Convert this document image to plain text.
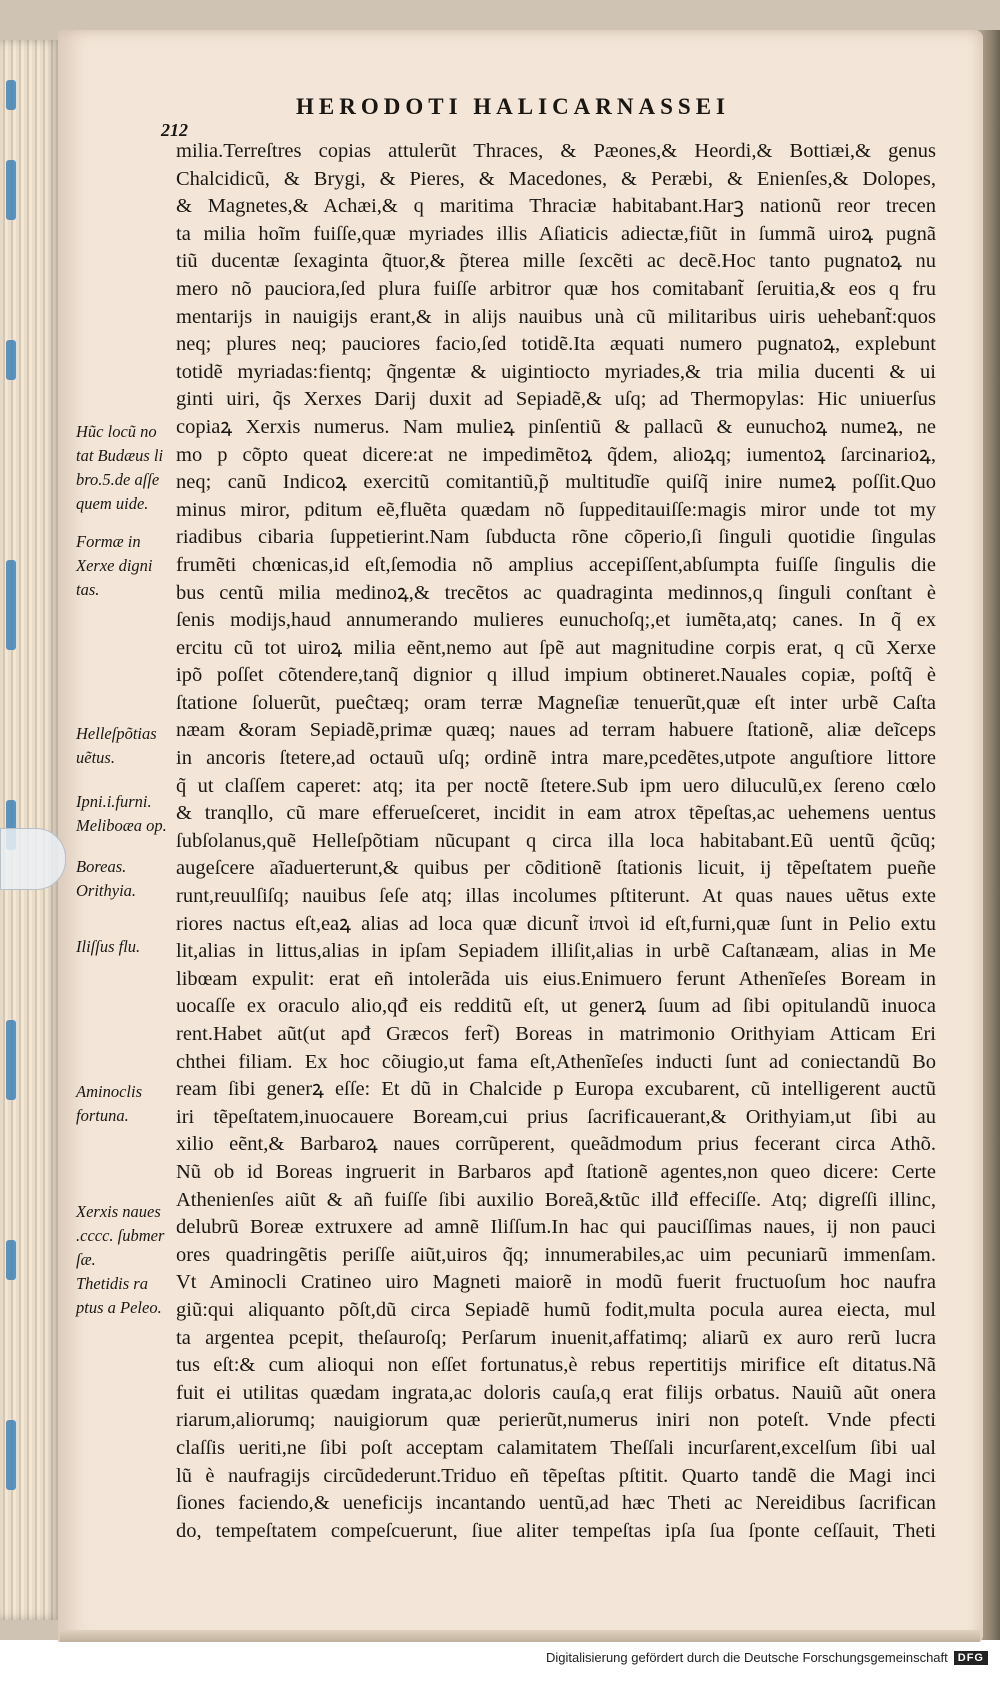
212
HERODOTI HALICARNASSEI
milia.Terreſtres copias attulerũt Thraces, & Pæones,& Heordi,& Bottiæi,& genus
Chalcidicũ, & Brygi, & Pieres, & Macedones, & Peræbi, & Enienſes,& Dolopes,
& Magnetes,& Achæi,& q maritima Thraciæ habitabant.Harꝫ nationũ reor trecen
ta milia hoĩm fuiſſe,quæ myriades illis Aſiaticis adiectæ,fiũt in ſummã uiroꝝ pugnã
tiũ ducentæ ſexaginta q̃tuor,& p̃terea mille ſexcẽti ac decẽ.Hoc tanto pugnatoꝝ nu
mero nõ pauciora,ſed plura fuiſſe arbitror quæ hos comitabant̃ ſeruitia,& eos q fru
mentarijs in nauigijs erant,& in alijs nauibus unà cũ militaribus uiris uehebant̃:quos
neq; plures neq; pauciores facio,ſed totidẽ.Ita æquati numero pugnatoꝝ, explebunt
totidẽ myriadas:fientq; q̃ngentæ & uigintiocto myriades,& tria milia ducenti & ui
ginti uiri, q̃s Xerxes Darij duxit ad Sepiadẽ,& uſq; ad Thermopylas: Hic uniuerſus
copiaꝝ Xerxis numerus. Nam mulieꝝ pinſentiũ & pallacũ & eunuchoꝝ numeꝝ, ne
mo p cõpto queat dicere:at ne impedimẽtoꝝ q̃dem, alioꝝq; iumentoꝝ ſarcinarioꝝ,
neq; canũ Indicoꝝ exercitũ comitantiũ,p̃ multitudĩe quiſq̃ inire numeꝝ poſſit.Quo
minus miror, pditum eẽ,fluẽta quædam nõ ſuppeditauiſſe:magis miror unde tot my
riadibus cibaria ſuppetierint.Nam ſubducta rõne cõperio,ſi ſinguli quotidie ſingulas
frumẽti chœnicas,id eſt,ſemodia nõ amplius accepiſſent,abſumpta fuiſſe ſingulis die
bus centũ milia medinoꝝ,& trecẽtos ac quadraginta medinnos,q ſinguli conſtant è
ſenis modijs,haud annumerando mulieres eunuchoſq;,et iumẽta,atq; canes. In q̃ ex
ercitu cũ tot uiroꝝ milia eẽnt,nemo aut ſpẽ aut magnitudine corpis erat, q cũ Xerxe
ipõ poſſet cõtendere,tanq̃ dignior q illud impium obtineret.Nauales copiæ, poſtq̃ è
ſtatione ſoluerũt, pueĉtæq; oram terræ Magneſiæ tenuerũt,quæ eſt inter urbẽ Caſta
næam &oram Sepiadẽ,primæ quæq; naues ad terram habuere ſtationẽ, aliæ deĩceps
in ancoris ſtetere,ad octauũ uſq; ordinẽ intra mare,pcedẽtes,utpote anguſtiore littore
q̃ ut claſſem caperet: atq; ita per noctẽ ſtetere.Sub ipm uero diluculũ,ex ſereno cœlo
& tranqllo, cũ mare efferueſceret, incidit in eam atrox tẽpeſtas,ac uehemens uentus
ſubſolanus,quẽ Helleſpõtiam nũcupant q circa illa loca habitabant.Eũ uentũ q̃cũq;
augeſcere aĩaduerterunt,& quibus per cõditionẽ ſtationis licuit, ij tẽpeſtatem pueñe
runt,reuulſiſq; nauibus ſeſe atq; illas incolumes pſtiterunt. At quas naues uẽtus exte
riores nactus eſt,eaꝝ alias ad loca quæ dicunt̃ ἰπνοὶ id eſt,furni,quæ ſunt in Pelio extu
lit,alias in littus,alias in ipſam Sepiadem illiſit,alias in urbẽ Caſtanæam, alias in Me
libœam expulit: erat eñ intolerãda uis eius.Enimuero ferunt Athenĩeſes Boream in
uocaſſe ex oraculo alio,qđ eis redditũ eſt, ut generꝝ ſuum ad ſibi opitulandũ inuoca
rent.Habet aũt(ut apđ Græcos fert̃) Boreas in matrimonio Orithyiam Atticam Eri
chthei filiam. Ex hoc cõiugio,ut fama eſt,Athenĩeſes inducti ſunt ad coniectandũ Bo
ream ſibi generꝝ eſſe: Et dũ in Chalcide p Europa excubarent, cũ intelligerent auctũ
iri tẽpeſtatem,inuocauere Boream,cui prius ſacrificauerant,& Orithyiam,ut ſibi au
xilio eẽnt,& Barbaroꝝ naues corrũperent, queãdmodum prius fecerant circa Athõ.
Nũ ob id Boreas ingruerit in Barbaros apđ ſtationẽ agentes,non queo dicere: Certe
Athenienſes aiũt & añ fuiſſe ſibi auxilio Boreã,&tũc illđ effeciſſe. Atq; digreſſi illinc,
delubrũ Boreæ extruxere ad amnẽ Iliſſum.In hac qui pauciſſimas naues, ij non pauci
ores quadringẽtis periſſe aiũt,uiros q̃q; innumerabiles,ac uim pecuniarũ immenſam.
Vt Aminocli Cratineo uiro Magneti maiorẽ in modũ fuerit fructuoſum hoc naufra
giũ:qui aliquanto põſt,dũ circa Sepiadẽ humũ fodit,multa pocula aurea eiecta, mul
ta argentea pcepit, theſauroſq; Perſarum inuenit,affatimq; aliarũ ex auro rerũ lucra
tus eſt:& cum alioqui non eſſet fortunatus,è rebus repertitijs mirifice eſt ditatus.Nã
fuit ei utilitas quædam ingrata,ac doloris cauſa,q erat filijs orbatus. Nauiũ aũt onera
riarum,aliorumq; nauigiorum quæ perierũt,numerus iniri non poteſt. Vnde pfecti
claſſis ueriti,ne ſibi poſt acceptam calamitatem Theſſali incurſarent,excelſum ſibi ual
lũ è naufragijs circũdederunt.Triduo eñ tẽpeſtas pſtitit. Quarto tandẽ die Magi inci
ſiones faciendo,& ueneficijs incantando uentũ,ad hæc Theti ac Nereidibus ſacrifican
do, tempeſtatem compeſcuerunt, ſiue aliter tempeſtas ipſa ſua ſponte ceſſauit, Theti
Hũc locũ no
tat Budæus li
bro.5.de aſſe
quem uide.
Formæ in
Xerxe digni
tas.
Helleſpõtias
uẽtus.
Ipni.i.furni.
Meliboæa op.
Boreas.
Orithyia.
Iliſſus flu.
Aminoclis
fortuna.
Xerxis naues
.cccc. ſubmer
ſæ.
Thetidis ra
ptus a Peleo.
Digitalisierung gefördert durch die Deutsche Forschungsgemeinschaft DFG
